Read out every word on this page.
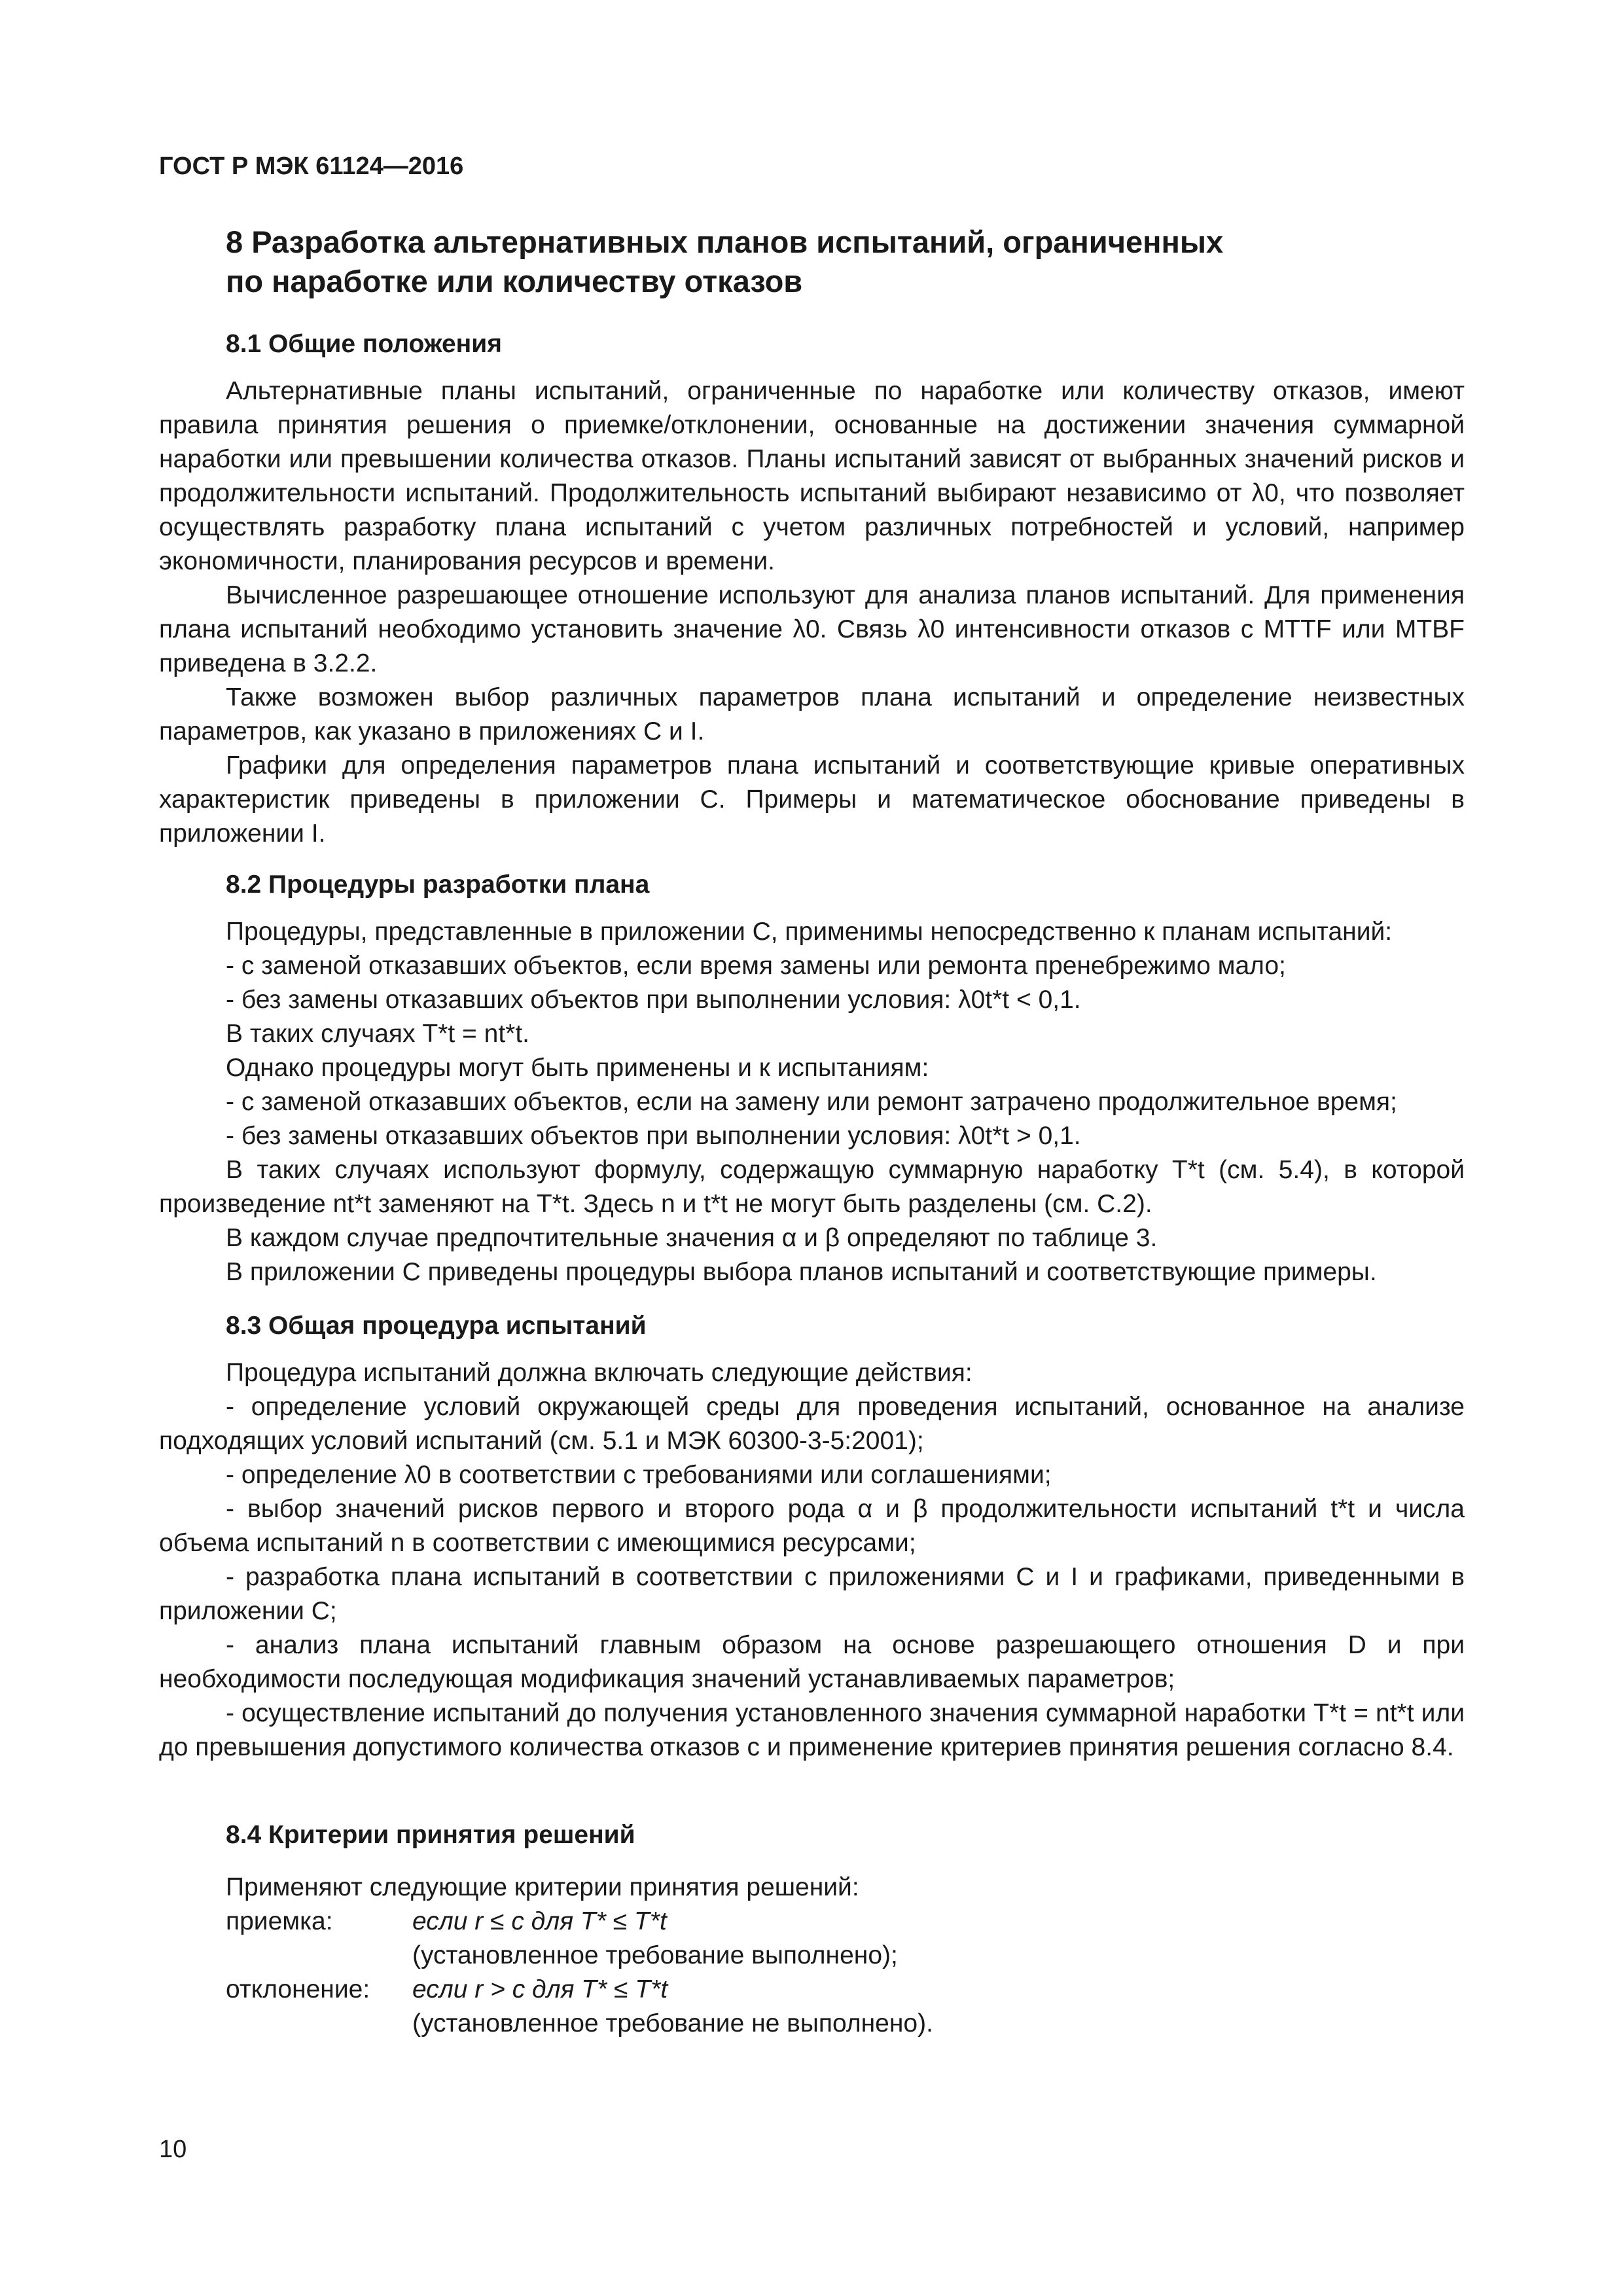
ГОСТ Р МЭК 61124—2016
8 Разработка альтернативных планов испытаний, ограниченных
по наработке или количеству отказов
8.1 Общие положения

Альтернативные планы испытаний, ограниченные по наработке или количеству отказов, имеют правила принятия решения о приемке/отклонении, основанные на достижении значения суммарной наработки или превышении количества отказов. Планы испытаний зависят от выбранных значений рисков и продолжительности испытаний. Продолжительность испытаний выбирают независимо от λ0, что позволяет осуществлять разработку плана испытаний с учетом различных потребностей и условий, например экономичности, планирования ресурсов и времени.

Вычисленное разрешающее отношение используют для анализа планов испытаний. Для применения плана испытаний необходимо установить значение λ0. Связь λ0 интенсивности отказов с MTTF или MTBF приведена в 3.2.2.

Также возможен выбор различных параметров плана испытаний и определение неизвестных параметров, как указано в приложениях С и I.

Графики для определения параметров плана испытаний и соответствующие кривые оперативных характеристик приведены в приложении С. Примеры и математическое обоснование приведены в приложении I.

8.2 Процедуры разработки плана

Процедуры, представленные в приложении С, применимы непосредственно к планам испытаний:

- с заменой отказавших объектов, если время замены или ремонта пренебрежимо мало;

- без замены отказавших объектов при выполнении условия: λ0t*t < 0,1.

В таких случаях T*t = nt*t.

Однако процедуры могут быть применены и к испытаниям:

- с заменой отказавших объектов, если на замену или ремонт затрачено продолжительное время;

- без замены отказавших объектов при выполнении условия: λ0t*t > 0,1.

В таких случаях используют формулу, содержащую суммарную наработку T*t (см. 5.4), в которой произведение nt*t заменяют на T*t. Здесь n и t*t не могут быть разделены (см. С.2).

В каждом случае предпочтительные значения α и β определяют по таблице 3.

В приложении С приведены процедуры выбора планов испытаний и соответствующие примеры.

8.3 Общая процедура испытаний

Процедура испытаний должна включать следующие действия:

- определение условий окружающей среды для проведения испытаний, основанное на анализе подходящих условий испытаний (см. 5.1 и МЭК 60300-3-5:2001);

- определение λ0 в соответствии с требованиями или соглашениями;

- выбор значений рисков первого и второго рода α и β продолжительности испытаний t*t и числа объема испытаний n в соответствии с имеющимися ресурсами;

- разработка плана испытаний в соответствии с приложениями С и I и графиками, приведенными в приложении С;

- анализ плана испытаний главным образом на основе разрешающего отношения D и при необходимости последующая модификация значений устанавливаемых параметров;

- осуществление испытаний до получения установленного значения суммарной наработки T*t = nt*t или до превышения допустимого количества отказов с и применение критериев принятия решения согласно 8.4.

8.4 Критерии принятия решений
Применяют следующие критерии принятия решений:
приемка:	если r ≤ c для T* ≤ T*t
(установленное требование выполнено);
отклонение:	если r > c для T* ≤ T*t
(установленное требование не выполнено).
10
